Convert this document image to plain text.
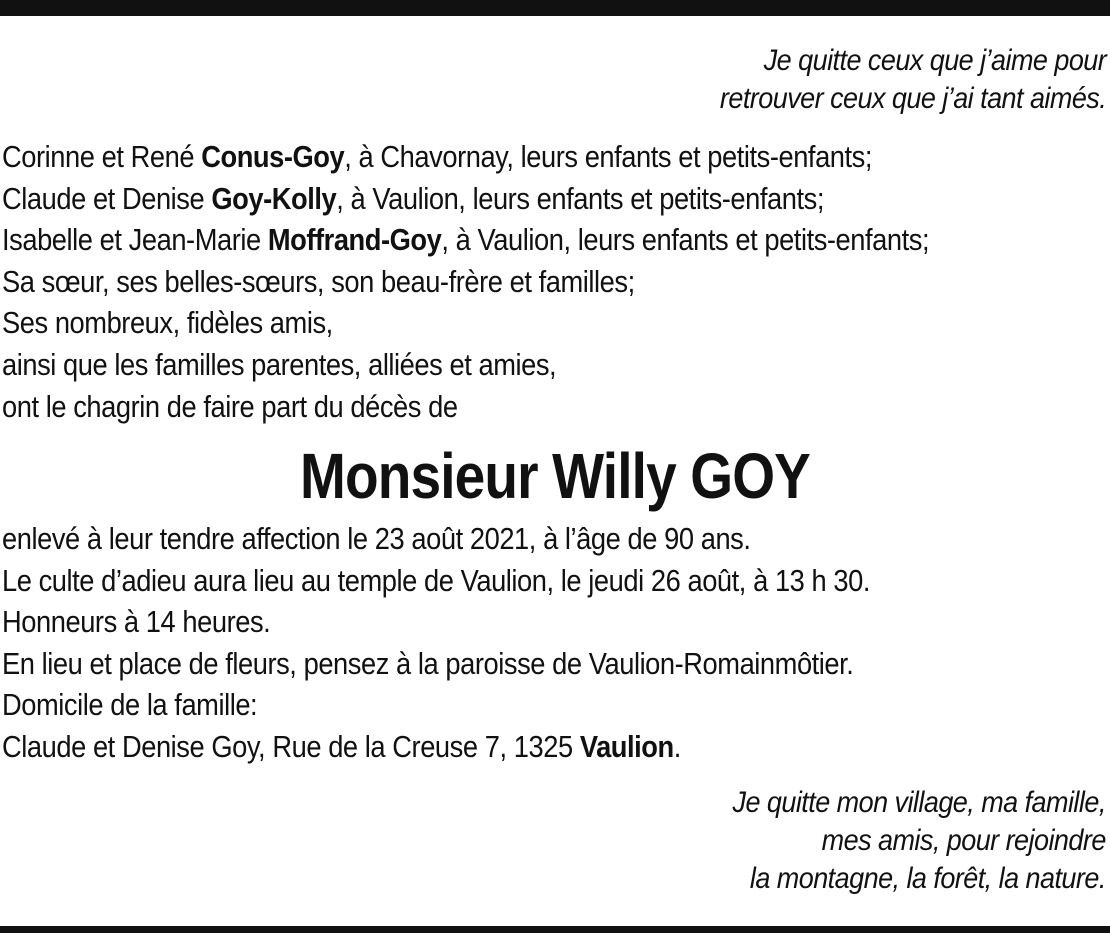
Je quitte ceux que j’aime pour
retrouver ceux que j’ai tant aimés.
Corinne et René Conus-Goy, à Chavornay, leurs enfants et petits-enfants;
Claude et Denise Goy-Kolly, à Vaulion, leurs enfants et petits-enfants;
Isabelle et Jean-Marie Moffrand-Goy, à Vaulion, leurs enfants et petits-enfants;
Sa sœur, ses belles-sœurs, son beau-frère et familles;
Ses nombreux, fidèles amis,
ainsi que les familles parentes, alliées et amies,
ont le chagrin de faire part du décès de
Monsieur Willy GOY
enlevé à leur tendre affection le 23 août 2021, à l’âge de 90 ans.
Le culte d’adieu aura lieu au temple de Vaulion, le jeudi 26 août, à 13 h 30.
Honneurs à 14 heures.
En lieu et place de fleurs, pensez à la paroisse de Vaulion-Romainmôtier.
Domicile de la famille:
Claude et Denise Goy, Rue de la Creuse 7, 1325 Vaulion.
Je quitte mon village, ma famille,
mes amis, pour rejoindre
la montagne, la forêt, la nature.
